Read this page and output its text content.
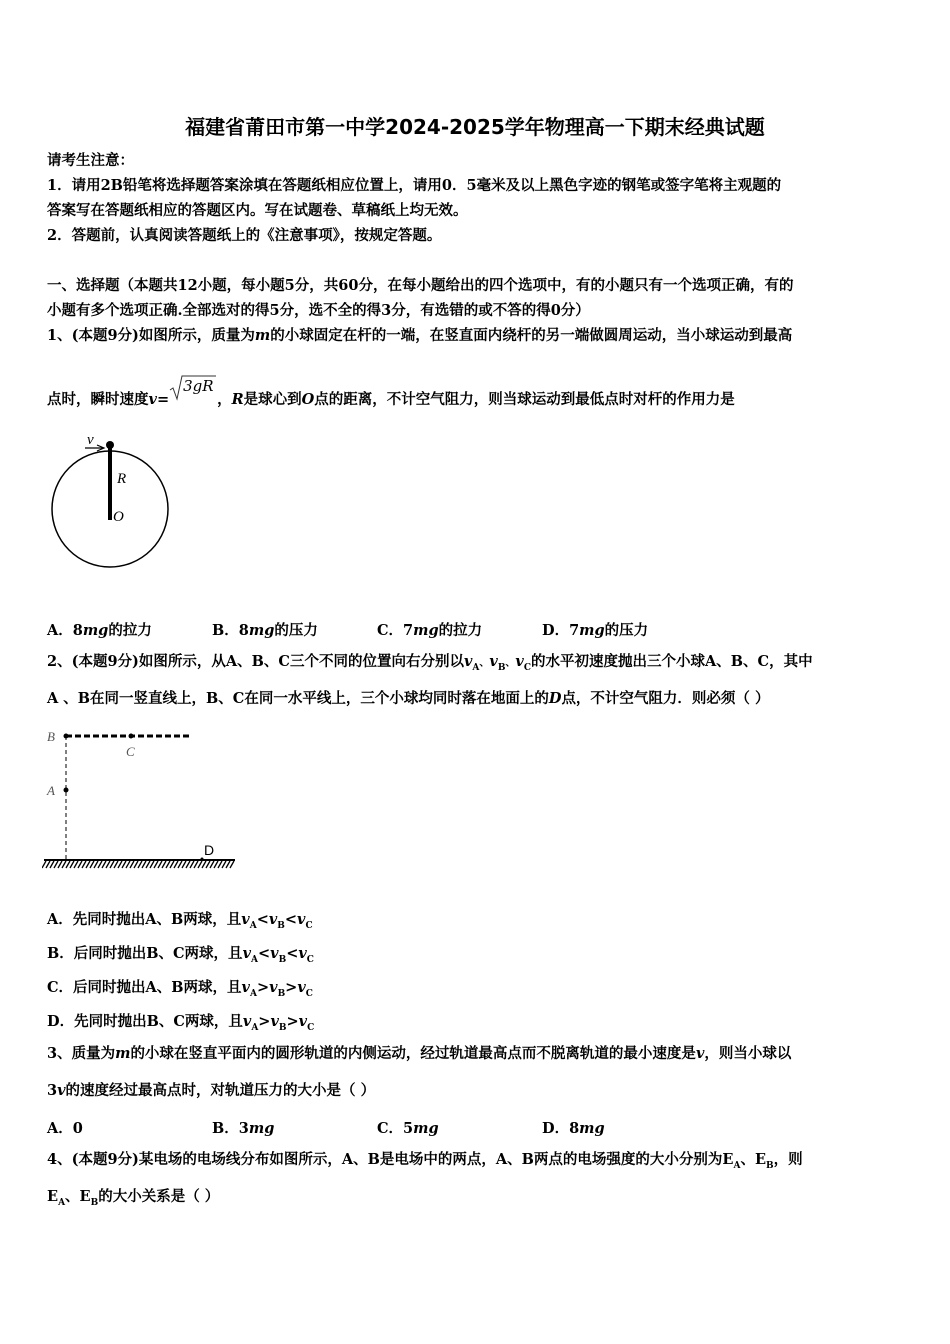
福建省莆田市第一中学2024-2025学年物理高一下期末经典试题
请考生注意：
1．请用2B铅笔将选择题答案涂填在答题纸相应位置上，请用0．5毫米及以上黑色字迹的钢笔或签字笔将主观题的
答案写在答题纸相应的答题区内。写在试题卷、草稿纸上均无效。
2．答题前，认真阅读答题纸上的《注意事项》，按规定答题。
一、选择题（本题共12小题，每小题5分，共60分，在每小题给出的四个选项中，有的小题只有一个选项正确，有的
小题有多个选项正确.全部选对的得5分，选不全的得3分，有选错的或不答的得0分）
1、(本题9分)如图所示，质量为m的小球固定在杆的一端，在竖直面内绕杆的另一端做圆周运动，当小球运动到最高
点时，瞬时速度v=
3gR
，R是球心到O点的距离，不计空气阻力，则当球运动到最低点时对杆的作用力是
v
R
O
A．8mg的拉力	B．8mg的压力	C．7mg的拉力	D．7mg的压力
2、(本题9分)如图所示，从A、B、C三个不同的位置向右分别以$v_A$、$v_B$、$v_C$的水平初速度抛出三个小球A、B、C，其中
A 、B在同一竖直线上，B、C在同一水平线上，三个小球均同时落在地面上的D点，不计空气阻力．则必须（ ）
B
C
A
D
A．先同时抛出A、B两球，且$v_A<v_B<v_C$
B．后同时抛出B、C两球，且$v_A<v_B<v_C$
C．后同时抛出A、B两球，且$v_A>v_B>v_C$
D．先同时抛出B、C两球，且$v_A>v_B>v_C$
3、质量为m的小球在竖直平面内的圆形轨道的内侧运动，经过轨道最高点而不脱离轨道的最小速度是v，则当小球以
3v的速度经过最高点时，对轨道压力的大小是（ ）
A．0	B．3mg	C．5mg	D．8mg
4、(本题9分)某电场的电场线分布如图所示，A、B是电场中的两点，A、B两点的电场强度的大小分别为$E_A$、$E_B$，则
$E_A$、$E_B$的大小关系是（ ）
